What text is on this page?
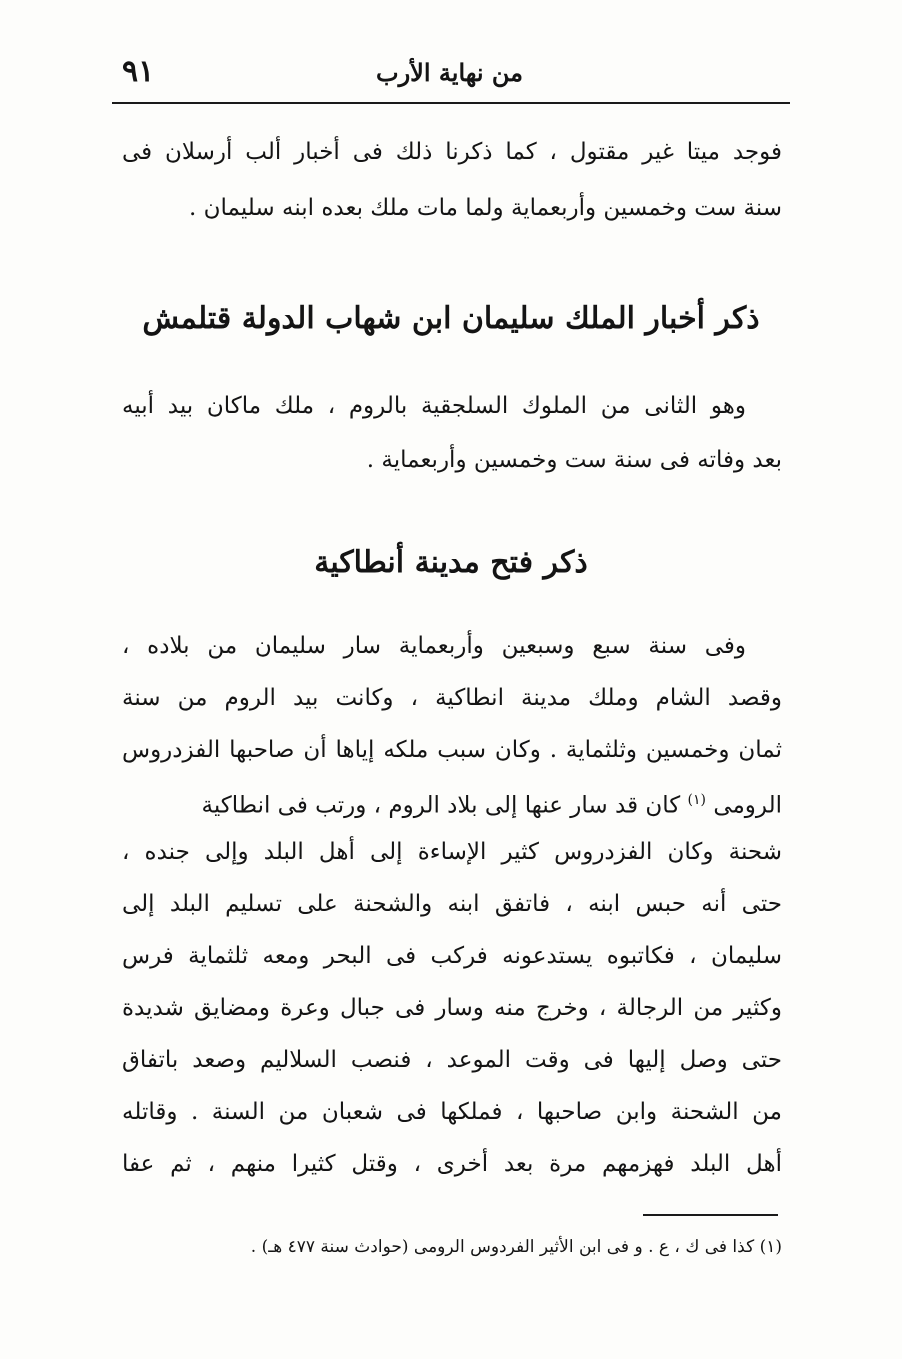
٩١	من نهاية الأرب
فوجد ميتا غير مقتول ، كما ذكرنا ذلك فى أخبار ألب أرسلان فى
سنة ست وخمسين وأربعماية ولما مات ملك بعده ابنه سليمان .
ذكر أخبار الملك سليمان ابن شهاب الدولة قتلمش
وهو الثانى من الملوك السلجقية بالروم ، ملك ماكان بيد أبيه
بعد وفاته فى سنة ست وخمسين وأربعماية .
ذكر فتح مدينة أنطاكية
وفى سنة سبع وسبعين وأربعماية سار سليمان من بلاده ،
وقصد الشام وملك مدينة انطاكية ، وكانت بيد الروم من سنة
ثمان وخمسين وثلثماية . وكان سبب ملكه إياها أن صاحبها الفزدروس
الرومى $^{(١)}$ كان قد سار عنها إلى بلاد الروم ، ورتب فى انطاكية
شحنة وكان الفزدروس كثير الإساءة إلى أهل البلد وإلى جنده ،
حتى أنه حبس ابنه ، فاتفق ابنه والشحنة على تسليم البلد إلى
سليمان ، فكاتبوه يستدعونه فركب فى البحر ومعه ثلثماية فرس
وكثير من الرجالة ، وخرج منه وسار فى جبال وعرة ومضايق شديدة
حتى وصل إليها فى وقت الموعد ، فنصب السلاليم وصعد باتفاق
من الشحنة وابن صاحبها ، فملكها فى شعبان من السنة . وقاتله
أهل البلد فهزمهم مرة بعد أخرى ، وقتل كثيرا منهم ، ثم عفا
(١) كذا فى ك ، ع . و فى ابن الأثير الفردوس الرومى (حوادث سنة ٤٧٧ هـ) .
